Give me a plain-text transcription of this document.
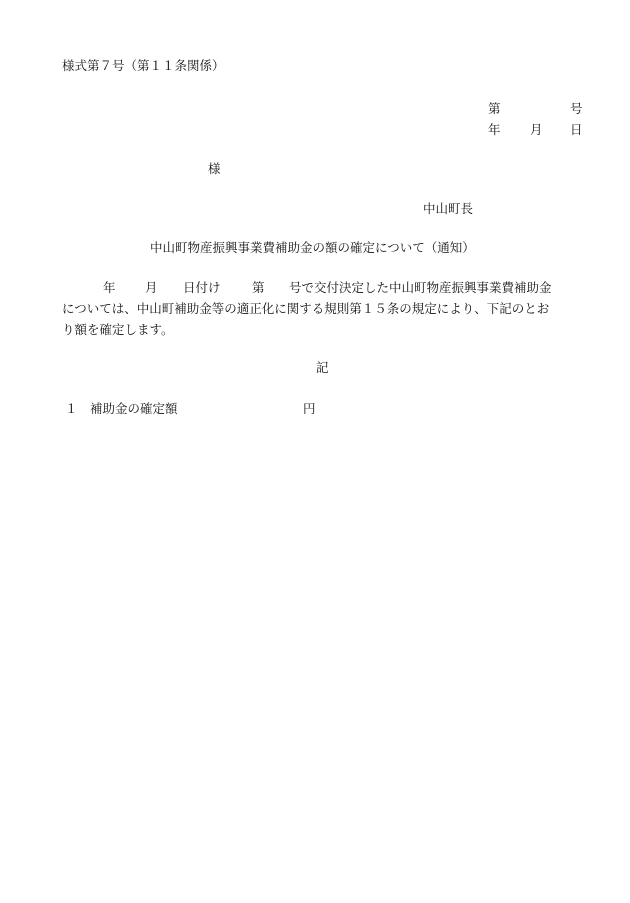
様式第７号（第１１条関係）
第	号
年 月 日
様
中山町長
中山町物産振興事業費補助金の額の確定について（通知）
年 月 日付け	第 号で交付決定した中山町物産振興事業費補助金
については、中山町補助金等の適正化に関する規則第１５条の規定により、下記のとお
り額を確定します。
記
１ 補助金の確定額	円
